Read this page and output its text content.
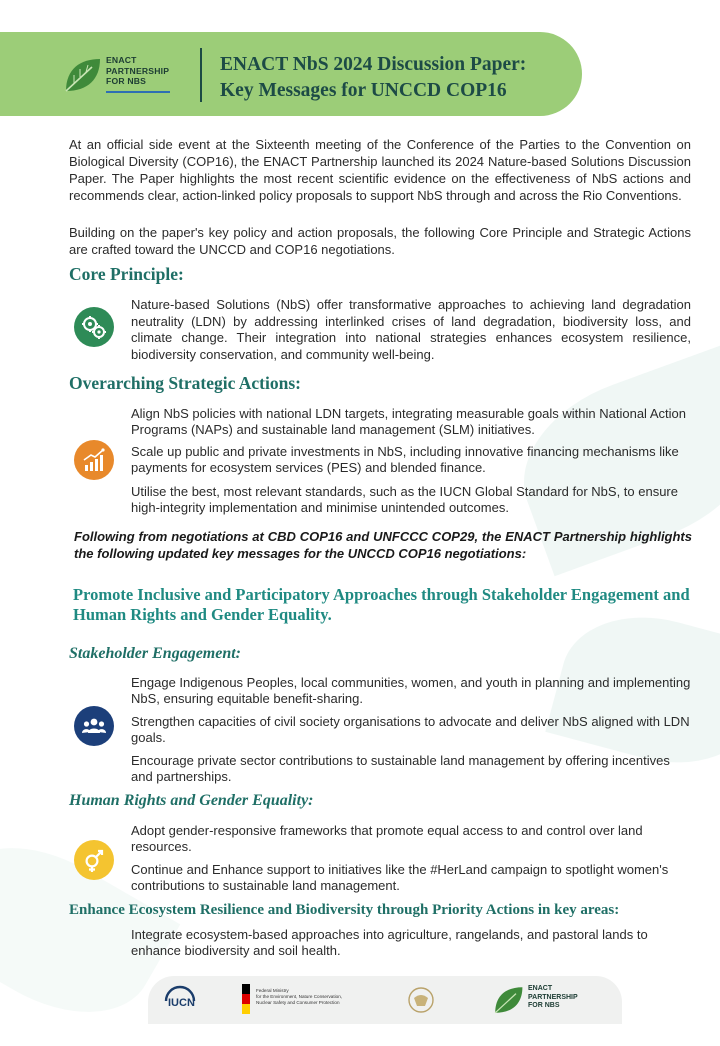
ENACT
PARTNERSHIP
FOR NBS
ENACT NbS 2024 Discussion Paper:
Key Messages for UNCCD COP16
At an official side event at the Sixteenth meeting of the Conference of the Parties to the Convention on Biological Diversity (COP16), the ENACT Partnership launched its 2024 Nature-based Solutions Discussion Paper. The Paper highlights the most recent scientific evidence on the effectiveness of NbS actions and recommends clear, action-linked policy proposals to support NbS through and across the Rio Conventions.
Building on the paper's key policy and action proposals, the following Core Principle and Strategic Actions are crafted toward the UNCCD and COP16 negotiations.
Core Principle:
Nature-based Solutions (NbS) offer transformative approaches to achieving land degradation neutrality (LDN) by addressing interlinked crises of land degradation, biodiversity loss, and climate change. Their integration into national strategies enhances ecosystem resilience, biodiversity conservation, and community well-being.
Overarching Strategic Actions:
Align NbS policies with national LDN targets, integrating measurable goals within National Action Programs (NAPs) and sustainable land management (SLM) initiatives.
Scale up public and private investments in NbS, including innovative financing mechanisms like payments for ecosystem services (PES) and blended finance.
Utilise the best, most relevant standards, such as the IUCN Global Standard for NbS, to ensure high-integrity implementation and minimise unintended outcomes.
Following from negotiations at CBD COP16 and UNFCCC COP29, the ENACT Partnership highlights the following updated key messages for the UNCCD COP16 negotiations:
Promote Inclusive and Participatory Approaches through Stakeholder Engagement and Human Rights and Gender Equality.
Stakeholder Engagement:
Engage Indigenous Peoples, local communities, women, and youth in planning and implementing NbS, ensuring equitable benefit-sharing.
Strengthen capacities of civil society organisations to advocate and deliver NbS aligned with LDN goals.
Encourage private sector contributions to sustainable land management by offering incentives and partnerships.
Human Rights and Gender Equality:
Adopt gender-responsive frameworks that promote equal access to and control over land resources.
Continue and Enhance support to initiatives like the #HerLand campaign to spotlight women's contributions to sustainable land management.
Enhance Ecosystem Resilience and Biodiversity through Priority Actions in key areas:
Integrate ecosystem-based approaches into agriculture, rangelands, and pastoral lands to enhance biodiversity and soil health.
IUCN
Federal Ministry
for the Environment, Nature Conservation,
Nuclear Safety and Consumer Protection
ENACT
PARTNERSHIP
FOR NBS
